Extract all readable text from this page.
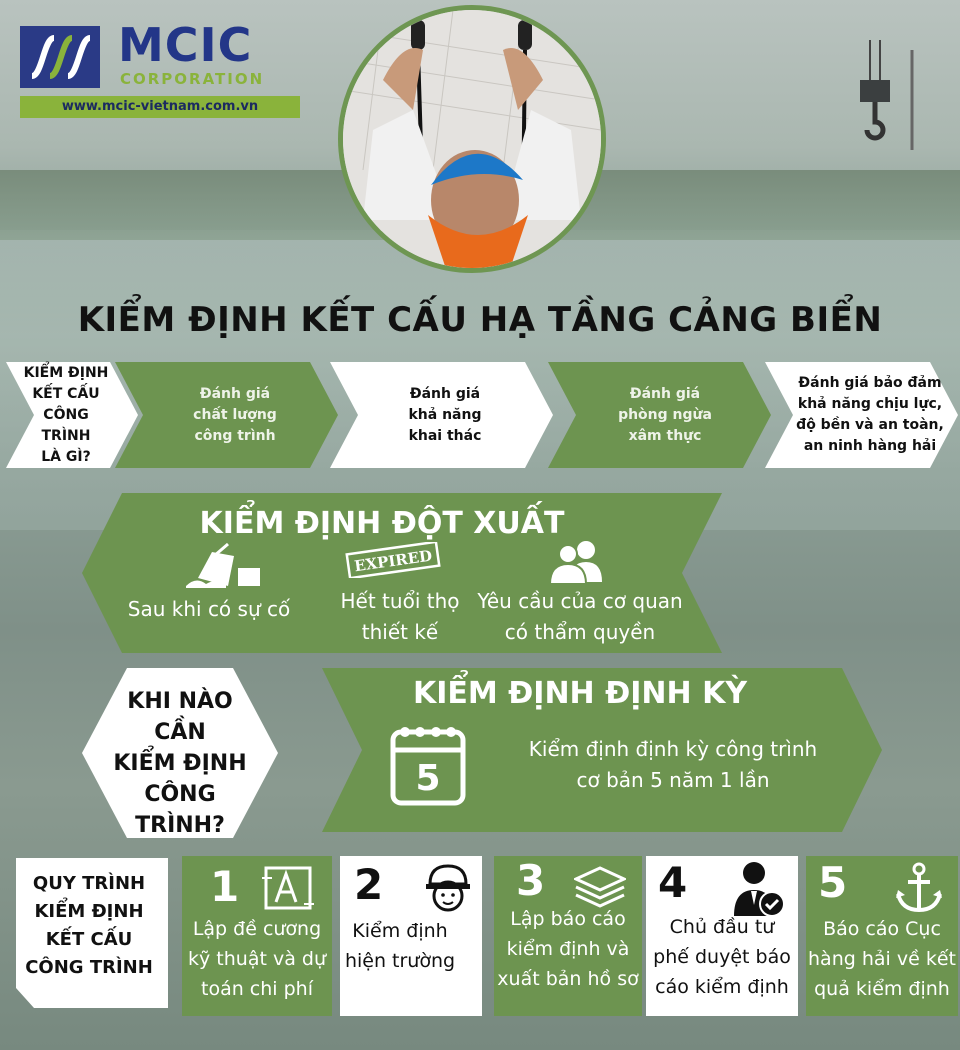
MCIC
CORPORATION
www.mcic-vietnam.com.vn
KIỂM ĐỊNH KẾT CẤU HẠ TẦNG CẢNG BIỂN
KIỂM ĐỊNH
KẾT CẤU
CÔNG
TRÌNH
LÀ GÌ?
Đánh giá
chất lượng
công trình
Đánh giá
khả năng
khai thác
Đánh giá
phòng ngừa
xâm thực
Đánh giá bảo đảm
khả năng chịu lực,
độ bền và an toàn,
an ninh hàng hải
KIỂM ĐỊNH ĐỘT XUẤT
EXPIRED
Sau khi có sự cố	Hết tuổi thọ
thiết kế
Yêu cầu của cơ quan
có thẩm quyền
KHI NÀO
CẦN
KIỂM ĐỊNH
CÔNG
TRÌNH?
KIỂM ĐỊNH ĐỊNH KỲ
5
Kiểm định định kỳ công trình
cơ bản 5 năm 1 lần
QUY TRÌNH
KIỂM ĐỊNH
KẾT CẤU
CÔNG TRÌNH
1
Lập đề cương
kỹ thuật và dự
toán chi phí
2
Kiểm định
hiện trường
3
Lập báo cáo
kiểm định và
xuất bản hồ sơ
4
Chủ đầu tư
phế duyệt báo
cáo kiểm định
5
Báo cáo Cục
hàng hải về kết
quả kiểm định
